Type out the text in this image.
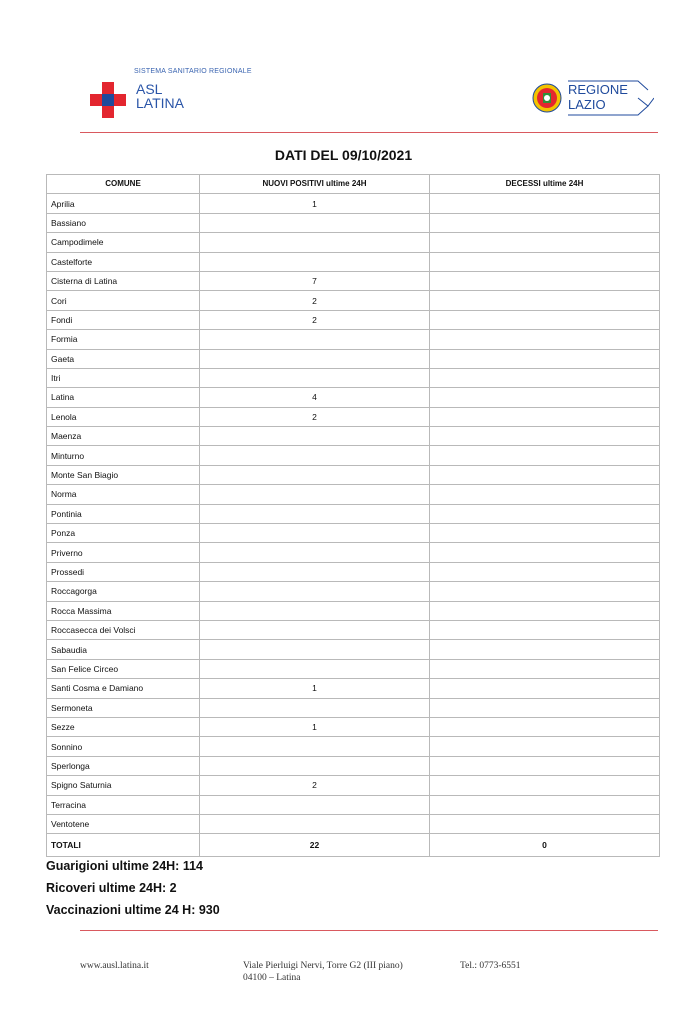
SISTEMA SANITARIO REGIONALE
ASL
LATINA
REGIONE
LAZIO
DATI DEL 09/10/2021
COMUNE	NUOVI POSITIVI ultime 24H	DECESSI ultime 24H
Aprilia	1	
Bassiano		
Campodimele		
Castelforte		
Cisterna di Latina	7	
Cori	2	
Fondi	2	
Formia		
Gaeta		
Itri		
Latina	4	
Lenola	2	
Maenza		
Minturno		
Monte San Biagio		
Norma		
Pontinia		
Ponza		
Priverno		
Prossedi		
Roccagorga		
Rocca Massima		
Roccasecca dei Volsci		
Sabaudia		
San Felice Circeo		
Santi Cosma e Damiano	1	
Sermoneta		
Sezze	1	
Sonnino		
Sperlonga		
Spigno Saturnia	2	
Terracina		
Ventotene		
TOTALI	22	0
Guarigioni ultime 24H: 114
Ricoveri ultime 24H: 2
Vaccinazioni ultime 24 H: 930
www.ausl.latina.it	Viale Pierluigi Nervi, Torre G2 (III piano)
04100 – Latina
Tel.: 0773-6551
